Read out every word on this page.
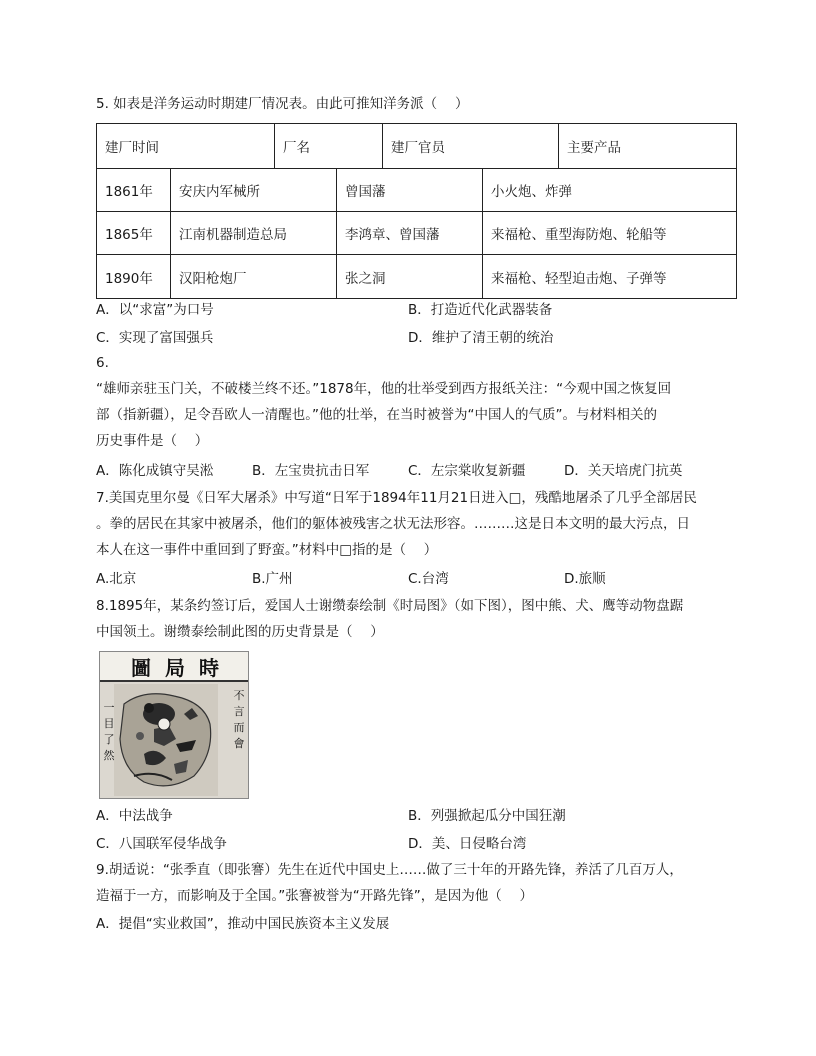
5. 如表是洋务运动时期建厂情况表。由此可推知洋务派（　 ）
建厂时间	厂名	建厂官员	主要产品
1861年	安庆内军械所	曾国藩	小火炮、炸弹
1865年	江南机器制造总局	李鸿章、曾国藩	来福枪、重型海防炮、轮船等
1890年	汉阳枪炮厂	张之洞	来福枪、轻型迫击炮、子弹等
A．以“求富”为口号	B．打造近代化武器装备
C．实现了富国强兵	D．维护了清王朝的统治
6.
“雄师亲驻玉门关，不破楼兰终不还。”1878年，他的壮举受到西方报纸关注：“今观中国之恢复回
部（指新疆），足令吾欧人一清醒也。”他的壮举，在当时被誉为“中国人的气质”。与材料相关的
历史事件是（　 ）
A．陈化成镇守吴淞	B．左宝贵抗击日军	C．左宗棠收复新疆	D．关天培虎门抗英
7.美国克里尔曼《日军大屠杀》中写道“日军于1894年11月21日进入□，残酷地屠杀了几乎全部居民
。拳的居民在其家中被屠杀，他们的躯体被残害之状无法形容。………这是日本文明的最大污点，日
本人在这一事件中重回到了野蛮。”材料中□指的是（　 ）
A.北京	B.广州	C.台湾	D.旅顺
8.1895年，某条约签订后，爱国人士谢缵泰绘制《时局图》（如下图），图中熊、犬、鹰等动物盘踞
中国领土。谢缵泰绘制此图的历史背景是（　 ）
圖 局 時
一
目
了
然
不
言
而
會
A．中法战争	B．列强掀起瓜分中国狂潮
C．八国联军侵华战争	D．美、日侵略台湾
9.胡适说：“张季直（即张謇）先生在近代中国史上……做了三十年的开路先锋，养活了几百万人，
造福于一方，而影响及于全国。”张謇被誉为“开路先锋”，是因为他（　 ）
A．提倡“实业救国”，推动中国民族资本主义发展
